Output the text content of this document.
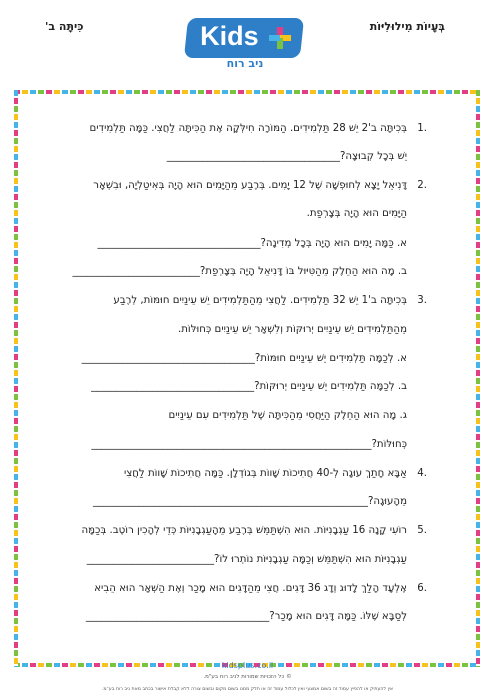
בְּעָיוֹת מִילוּלִיּוֹת
כִּיתָּה ב'	Kids
ניב רוח
1.
בְּכִיתָּה ב'2 יֵשׁ 28 תַּלְמִידִים. הַמּוֹרָה חִילְּקָה אֶת הַכִּיתָּה לַחֲצִי. כַּמָּה תַּלְמִידִים
יֵשׁ בְּכָל קְבוּצָה?__________________________________
2.
דָּנִיאֵל יָצָא לְחוּפְשָׁה שֶׁל 12 יָמִים. בְּרֶבַע מֵהַיָּמִים הוּא הָיָה בְּאִיטַלְיָה, וּבִשְׁאָר
הַיָּמִים הוּא הָיָה בְּצָרְפַת.
א. כַּמָּה יָמִים הוּא הָיָה בְּכָל מְדִינָה?________________________________
ב. מָה הוּא הַחֵלֶק מֵהַטִּיּוּל בּוֹ דָּנִיאֵל הָיָה בְּצָרְפַת?_________________________
3.
בְּכִיתָּה ב'1 יֵשׁ 32 תַּלְמִידִים. לַחֲצִי מֵהַתַּלְמִידִים יֵשׁ עֵינַיִים חוּמּוֹת, לְרֶבַע
מֵהַתַּלְמִידִים יֵשׁ עֵינַיִים יְרוּקּוֹת וְלִשְׁאָר יֵשׁ עֵינַיִים כְּחוּלּוֹת.
א. לְכַמָּה תַּלְמִידִים יֵשׁ עֵינַיִים חוּמּוֹת?__________________________________
ב. לְכַמָּה תַּלְמִידִים יֵשׁ עֵינַיִים יְרוּקּוֹת?________________________________
ג. מָה הוּא הַחֵלֶק הַיַּחֲסִי מֵהַכִּיתָּה שֶׁל תַּלְמִידִים עִם עֵינַיִים
כְּחוּלּוֹת?_______________________________________________________
4.
אַבָּא חָתַךְ עוּגָה לְ-40 חֲתִיכוֹת שָׁווֹת בְּגוֹדְלָן. כַּמָּה חֲתִיכוֹת שָׁווֹת לַחֲצִי
מֵהָעוּגָה?______________________________________________________
5.
רוֹעִי קָנָה 16 עַגְבָנִיּוֹת. הוּא הִשְׁתַּמֵּשׁ בְּרֶבַע מֵהָעַגְבָנִיּוֹת כְּדֵי לְהָכִין רוֹטֶב. בְּכַמָּה
עַגְבָנִיּוֹת הוּא הִשְׁתַּמֵּשׁ וְכַמָּה עַגְבָנִיּוֹת נוֹתְרוּ לוֹ?_________________________
6.
אֶלְעָד הָלַךְ לָדוּג וְדָג 36 דָּגִים. חֲצִי מֵהַדָּגִים הוּא מָכַר וְאֶת הַשְּׁאָר הוּא הֵבִיא
לְסַבָּא שֶׁלּוֹ. כַּמָּה דָּגִים הוּא מָכַר?____________________________________
kidsplus.co.il
© כל הזכויות שמורות לניב רוח בע"מ.
אין להעתיק או להפיץ עמוד זה בשום אמצעי ואין לכלול עמוד זה או חלק ממנו בשום מקום ובשום צורה ללא קבלת אישור בכתב מאת ניב רוח בע"מ.
